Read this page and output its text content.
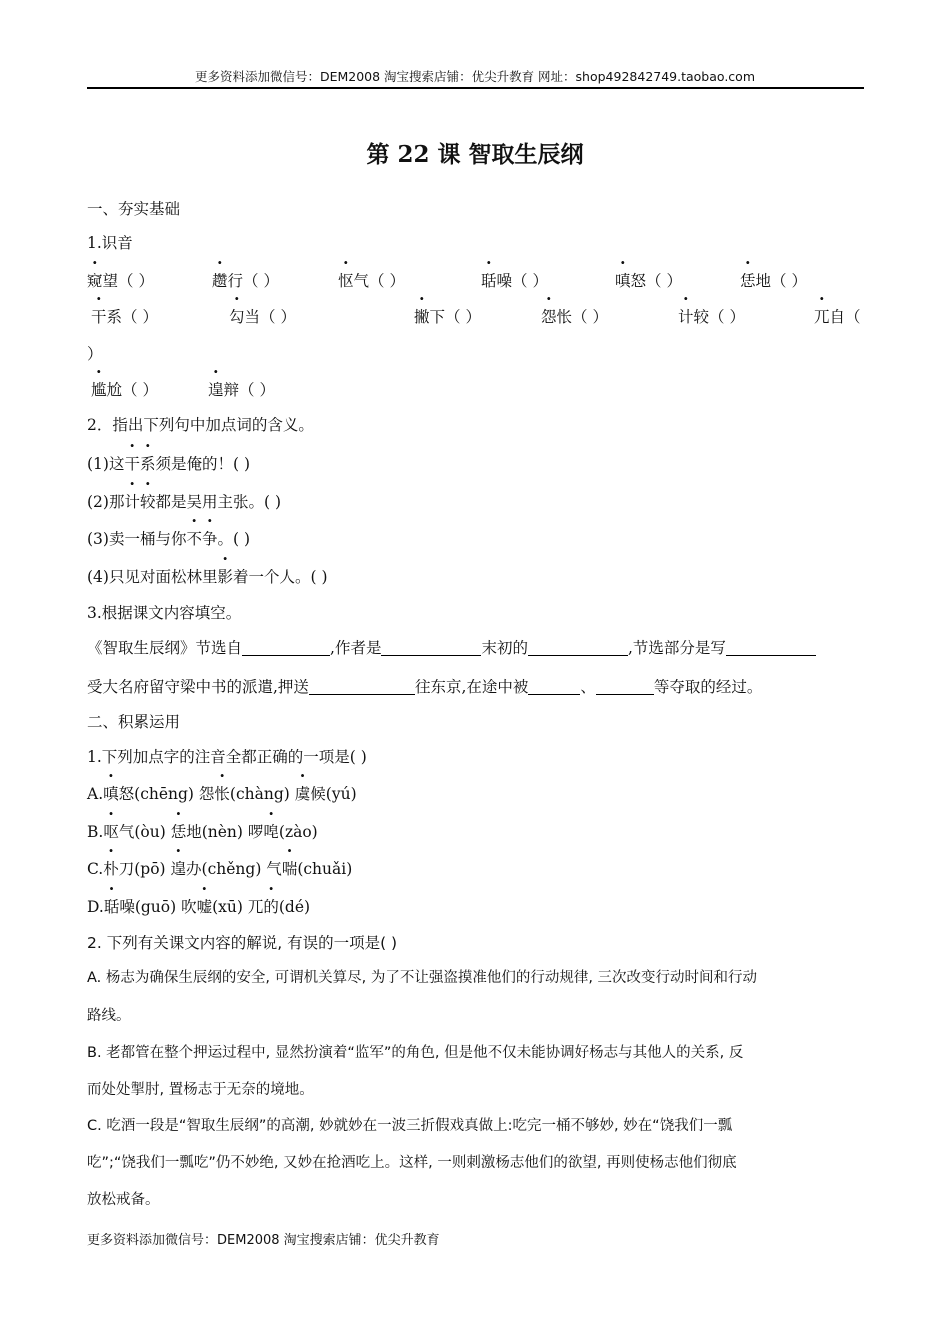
更多资料添加微信号：DEM2008 淘宝搜索店铺：优尖升教育 网址：shop492842749.taobao.com
第 22 课 智取生辰纲
一、夯实基础
1.识音
窥望（ ）	趱行（ ）	怄气（ ）	聒噪（ ）	嗔怒（ ）	恁地（ ）
干系（ ）	勾当（ ）	撇下（ ）	怨怅（ ）	计较（ ）	兀自（
）
尴尬（ ）	遑辩（ ）
2．指出下列句中加点词的含义。
(1)这干系须是俺的！( )
(2)那计较都是吴用主张。( )
(3)卖一桶与你不争。( )
(4)只见对面松林里影着一个人。( )
3.根据课文内容填空。
《智取生辰纲》节选自	,作者是	末初的	,节选部分是写
受大名府留守梁中书的派遣,押送	往东京,在途中被	、	等夺取的经过。
二、积累运用
1.下列加点字的注音全都正确的一项是( )
A.嗔怒(chēng) 怨怅(chàng) 虞候(yú)
B.呕气(òu) 恁地(nèn) 啰唣(zào)
C.朴刀(pō) 遑办(chěng) 气喘(chuǎi)
D.聒噪(guō) 吹嘘(xū) 兀的(dé)
2. 下列有关课文内容的解说, 有误的一项是( )
A. 杨志为确保生辰纲的安全, 可谓机关算尽, 为了不让强盗摸准他们的行动规律, 三次改变行动时间和行动
路线。
B. 老都管在整个押运过程中, 显然扮演着“监军”的角色, 但是他不仅未能协调好杨志与其他人的关系, 反
而处处掣肘, 置杨志于无奈的境地。
C. 吃酒一段是“智取生辰纲”的高潮, 妙就妙在一波三折假戏真做上:吃完一桶不够妙, 妙在“饶我们一瓢
吃”;“饶我们一瓢吃”仍不妙绝, 又妙在抢酒吃上。这样, 一则刺激杨志他们的欲望, 再则使杨志他们彻底
放松戒备。
更多资料添加微信号：DEM2008 淘宝搜索店铺：优尖升教育
